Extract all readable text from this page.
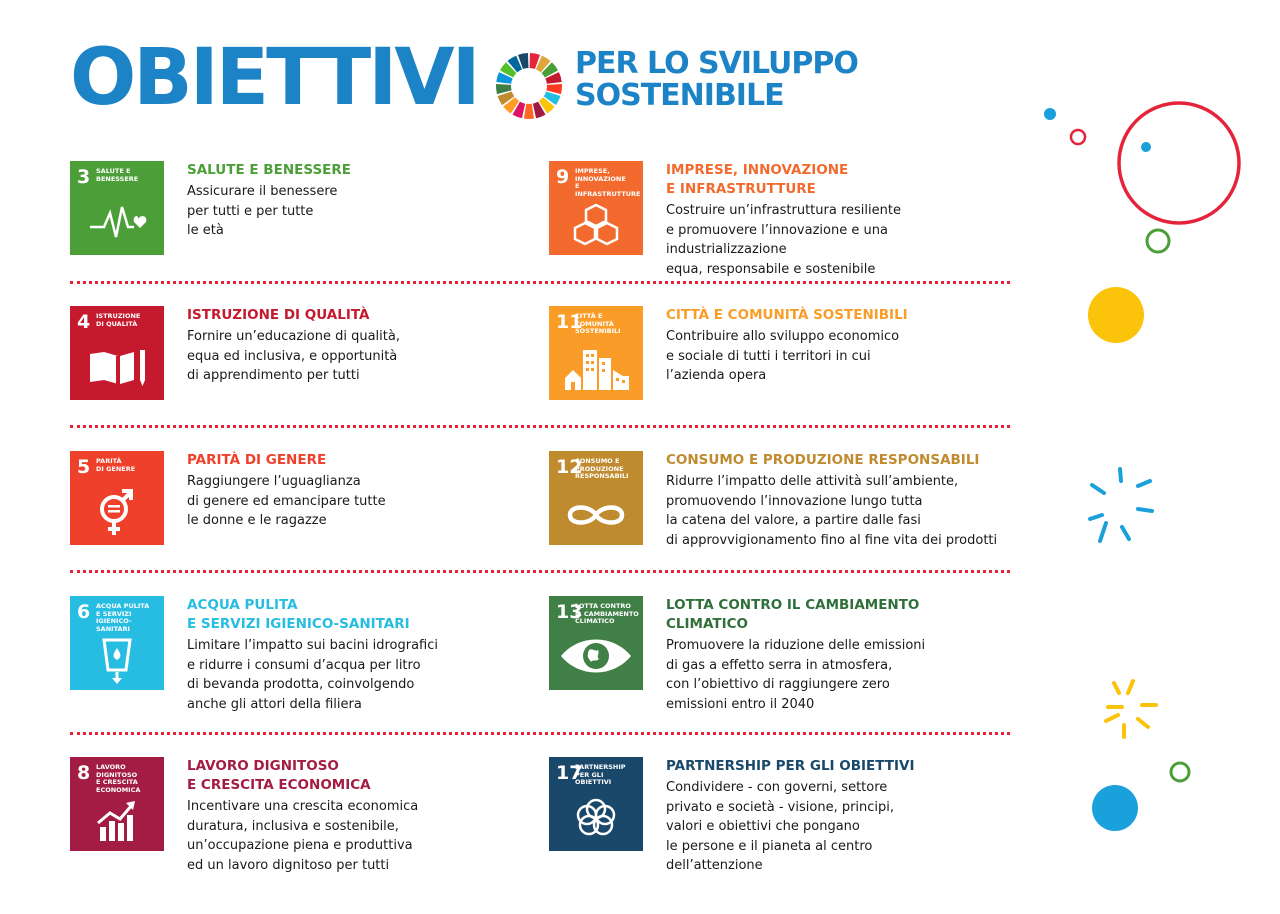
OBIETTIVI	PER LO SVILUPPO
SOSTENIBILE
3 SALUTE E
BENESSERE
SALUTE E BENESSERE
Assicurare il benessere
per tutti e per tutte
le età
4 ISTRUZIONE
DI QUALITÀ
ISTRUZIONE DI QUALITÀ
Fornire un’educazione di qualità,
equa ed inclusiva, e opportunità
di apprendimento per tutti
5 PARITÀ
DI GENERE
PARITÀ DI GENERE
Raggiungere l’uguaglianza
di genere ed emancipare tutte
le donne e le ragazze
6 ACQUA PULITA
E SERVIZI
IGIENICO-SANITARI
ACQUA PULITA
E SERVIZI IGIENICO-SANITARI
Limitare l’impatto sui bacini idrografici
e ridurre i consumi d’acqua per litro
di bevanda prodotta, coinvolgendo
anche gli attori della filiera
8 LAVORO DIGNITOSO
E CRESCITA
ECONOMICA
LAVORO DIGNITOSO
E CRESCITA ECONOMICA
Incentivare una crescita economica
duratura, inclusiva e sostenibile,
un’occupazione piena e produttiva
ed un lavoro dignitoso per tutti
9 IMPRESE,
INNOVAZIONE
E INFRASTRUTTURE
IMPRESE, INNOVAZIONE
E INFRASTRUTTURE
Costruire un’infrastruttura resiliente
e promuovere l’innovazione e una industrializzazione
equa, responsabile e sostenibile
11
CITTÀ E COMUNITÀ
SOSTENIBILI
CITTÀ E COMUNITÀ SOSTENIBILI
Contribuire allo sviluppo economico
e sociale di tutti i territori in cui
l’azienda opera
12
CONSUMO E
PRODUZIONE
RESPONSABILI
CONSUMO E PRODUZIONE RESPONSABILI
Ridurre l’impatto delle attività sull’ambiente,
promuovendo l’innovazione lungo tutta
la catena del valore, a partire dalle fasi
di approvvigionamento fino al fine vita dei prodotti
13
LOTTA CONTRO
IL CAMBIAMENTO
CLIMATICO
LOTTA CONTRO IL CAMBIAMENTO
CLIMATICO
Promuovere la riduzione delle emissioni
di gas a effetto serra in atmosfera,
con l’obiettivo di raggiungere zero
emissioni entro il 2040
17
PARTNERSHIP
PER GLI OBIETTIVI
PARTNERSHIP PER GLI OBIETTIVI
Condividere - con governi, settore
privato e società - visione, principi,
valori e obiettivi che pongano
le persone e il pianeta al centro
dell’attenzione
